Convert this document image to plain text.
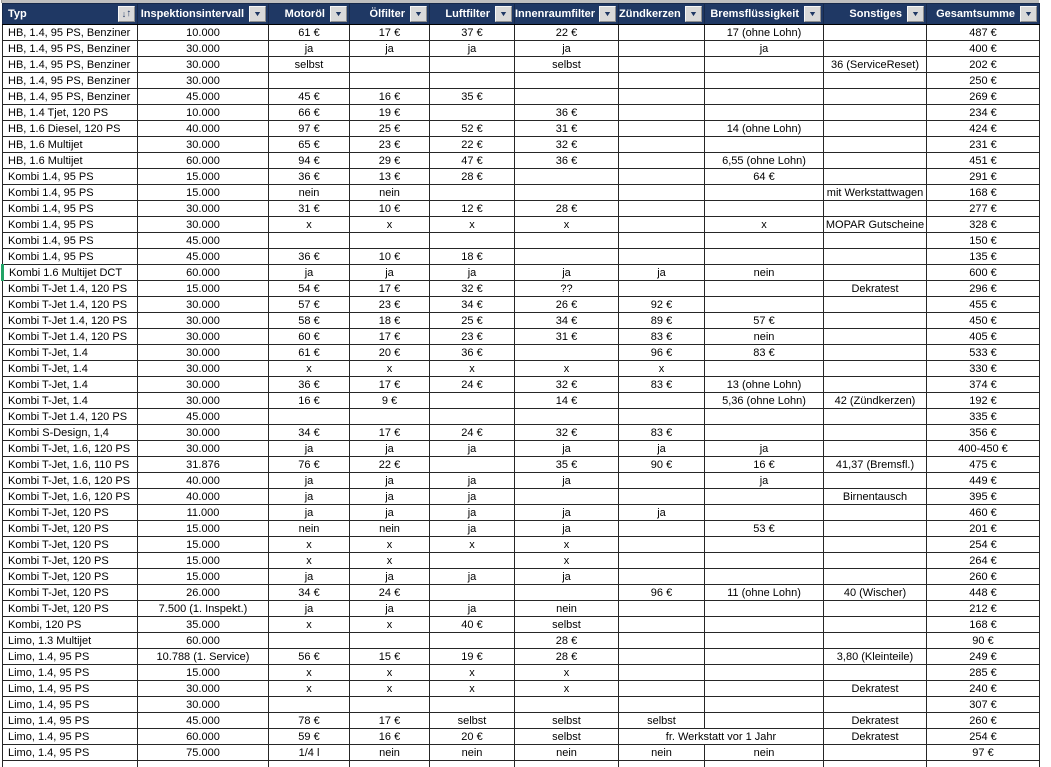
Typ ↓ ↑	Inspektionsintervall ▼	Motoröl ▼	Ölfilter ▼	Luftfilter ▼	Innenraumfilter ▼	Zündkerzen ▼	Bremsflüssigkeit ▼	Sonstiges ▼	Gesamtsumme ▼

HB, 1.4, 95 PS, Benziner	10.000	61 €	17 €	37 €	22 €		17 (ohne Lohn)		487 €
HB, 1.4, 95 PS, Benziner	30.000	ja	ja	ja	ja		ja		400 €
HB, 1.4, 95 PS, Benziner	30.000	selbst			selbst			36 (ServiceReset)	202 €
HB, 1.4, 95 PS, Benziner	30.000								250 €
HB, 1.4, 95 PS, Benziner	45.000	45 €	16 €	35 €					269 €
HB, 1.4 Tjet, 120 PS	10.000	66 €	19 €		36 €				234 €
HB, 1.6 Diesel, 120 PS	40.000	97 €	25 €	52 €	31 €		14 (ohne Lohn)		424 €
HB, 1.6 Multijet	30.000	65 €	23 €	22 €	32 €				231 €
HB, 1.6 Multijet	60.000	94 €	29 €	47 €	36 €		6,55 (ohne Lohn)		451 €
Kombi 1.4, 95 PS	15.000	36 €	13 €	28 €			64 €		291 €
Kombi 1.4, 95 PS	15.000	nein	nein					mit Werkstattwagen	168 €
Kombi 1.4, 95 PS	30.000	31 €	10 €	12 €	28 €				277 €
Kombi 1.4, 95 PS	30.000	x	x	x	x		x	MOPAR Gutscheine	328 €
Kombi 1.4, 95 PS	45.000								150 €
Kombi 1.4, 95 PS	45.000	36 €	10 €	18 €					135 €
Kombi 1.6 Multijet DCT	60.000	ja	ja	ja	ja	ja	nein		600 €
Kombi T-Jet 1.4, 120 PS	15.000	54 €	17 €	32 €	??			Dekratest	296 €
Kombi T-Jet 1.4, 120 PS	30.000	57 €	23 €	34 €	26 €	92 €			455 €
Kombi T-Jet 1.4, 120 PS	30.000	58 €	18 €	25 €	34 €	89 €	57 €		450 €
Kombi T-Jet 1.4, 120 PS	30.000	60 €	17 €	23 €	31 €	83 €	nein		405 €
Kombi T-Jet, 1.4	30.000	61 €	20 €	36 €		96 €	83 €		533 €
Kombi T-Jet, 1.4	30.000	x	x	x	x	x			330 €
Kombi T-Jet, 1.4	30.000	36 €	17 €	24 €	32 €	83 €	13 (ohne Lohn)		374 €
Kombi T-Jet, 1.4	30.000	16 €	9 €		14 €		5,36 (ohne Lohn)	42 (Zündkerzen)	192 €
Kombi T-Jet 1.4, 120 PS	45.000								335 €
Kombi S-Design, 1,4	30.000	34 €	17 €	24 €	32 €	83 €			356 €
Kombi T-Jet, 1.6, 120 PS	30.000	ja	ja	ja	ja	ja	ja		400-450 €
Kombi T-Jet, 1.6, 110 PS	31.876	76 €	22 €		35 €	90 €	16 €	41,37 (Bremsfl.)	475 €
Kombi T-Jet, 1.6, 120 PS	40.000	ja	ja	ja	ja		ja		449 €
Kombi T-Jet, 1.6, 120 PS	40.000	ja	ja	ja				Birnentausch	395 €
Kombi T-Jet, 120 PS	11.000	ja	ja	ja	ja	ja			460 €
Kombi T-Jet, 120 PS	15.000	nein	nein	ja	ja		53 €		201 €
Kombi T-Jet, 120 PS	15.000	x	x	x	x				254 €
Kombi T-Jet, 120 PS	15.000	x	x		x				264 €
Kombi T-Jet, 120 PS	15.000	ja	ja	ja	ja				260 €
Kombi T-Jet, 120 PS	26.000	34 €	24 €			96 €	11 (ohne Lohn)	40 (Wischer)	448 €
Kombi T-Jet, 120 PS	7.500 (1. Inspekt.)	ja	ja	ja	nein				212 €
Kombi, 120 PS	35.000	x	x	40 €	selbst				168 €
Limo, 1.3 Multijet	60.000				28 €				90 €
Limo, 1.4, 95 PS	10.788 (1. Service)	56 €	15 €	19 €	28 €			3,80 (Kleinteile)	249 €
Limo, 1.4, 95 PS	15.000	x	x	x	x				285 €
Limo, 1.4, 95 PS	30.000	x	x	x	x			Dekratest	240 €
Limo, 1.4, 95 PS	30.000								307 €
Limo, 1.4, 95 PS	45.000	78 €	17 €	selbst	selbst	selbst		Dekratest	260 €
Limo, 1.4, 95 PS	60.000	59 €	16 €	20 €	selbst	fr. Werkstatt vor 1 Jahr		Dekratest	254 €
Limo, 1.4, 95 PS	75.000	1/4 l	nein	nein	nein	nein	nein		97 €
